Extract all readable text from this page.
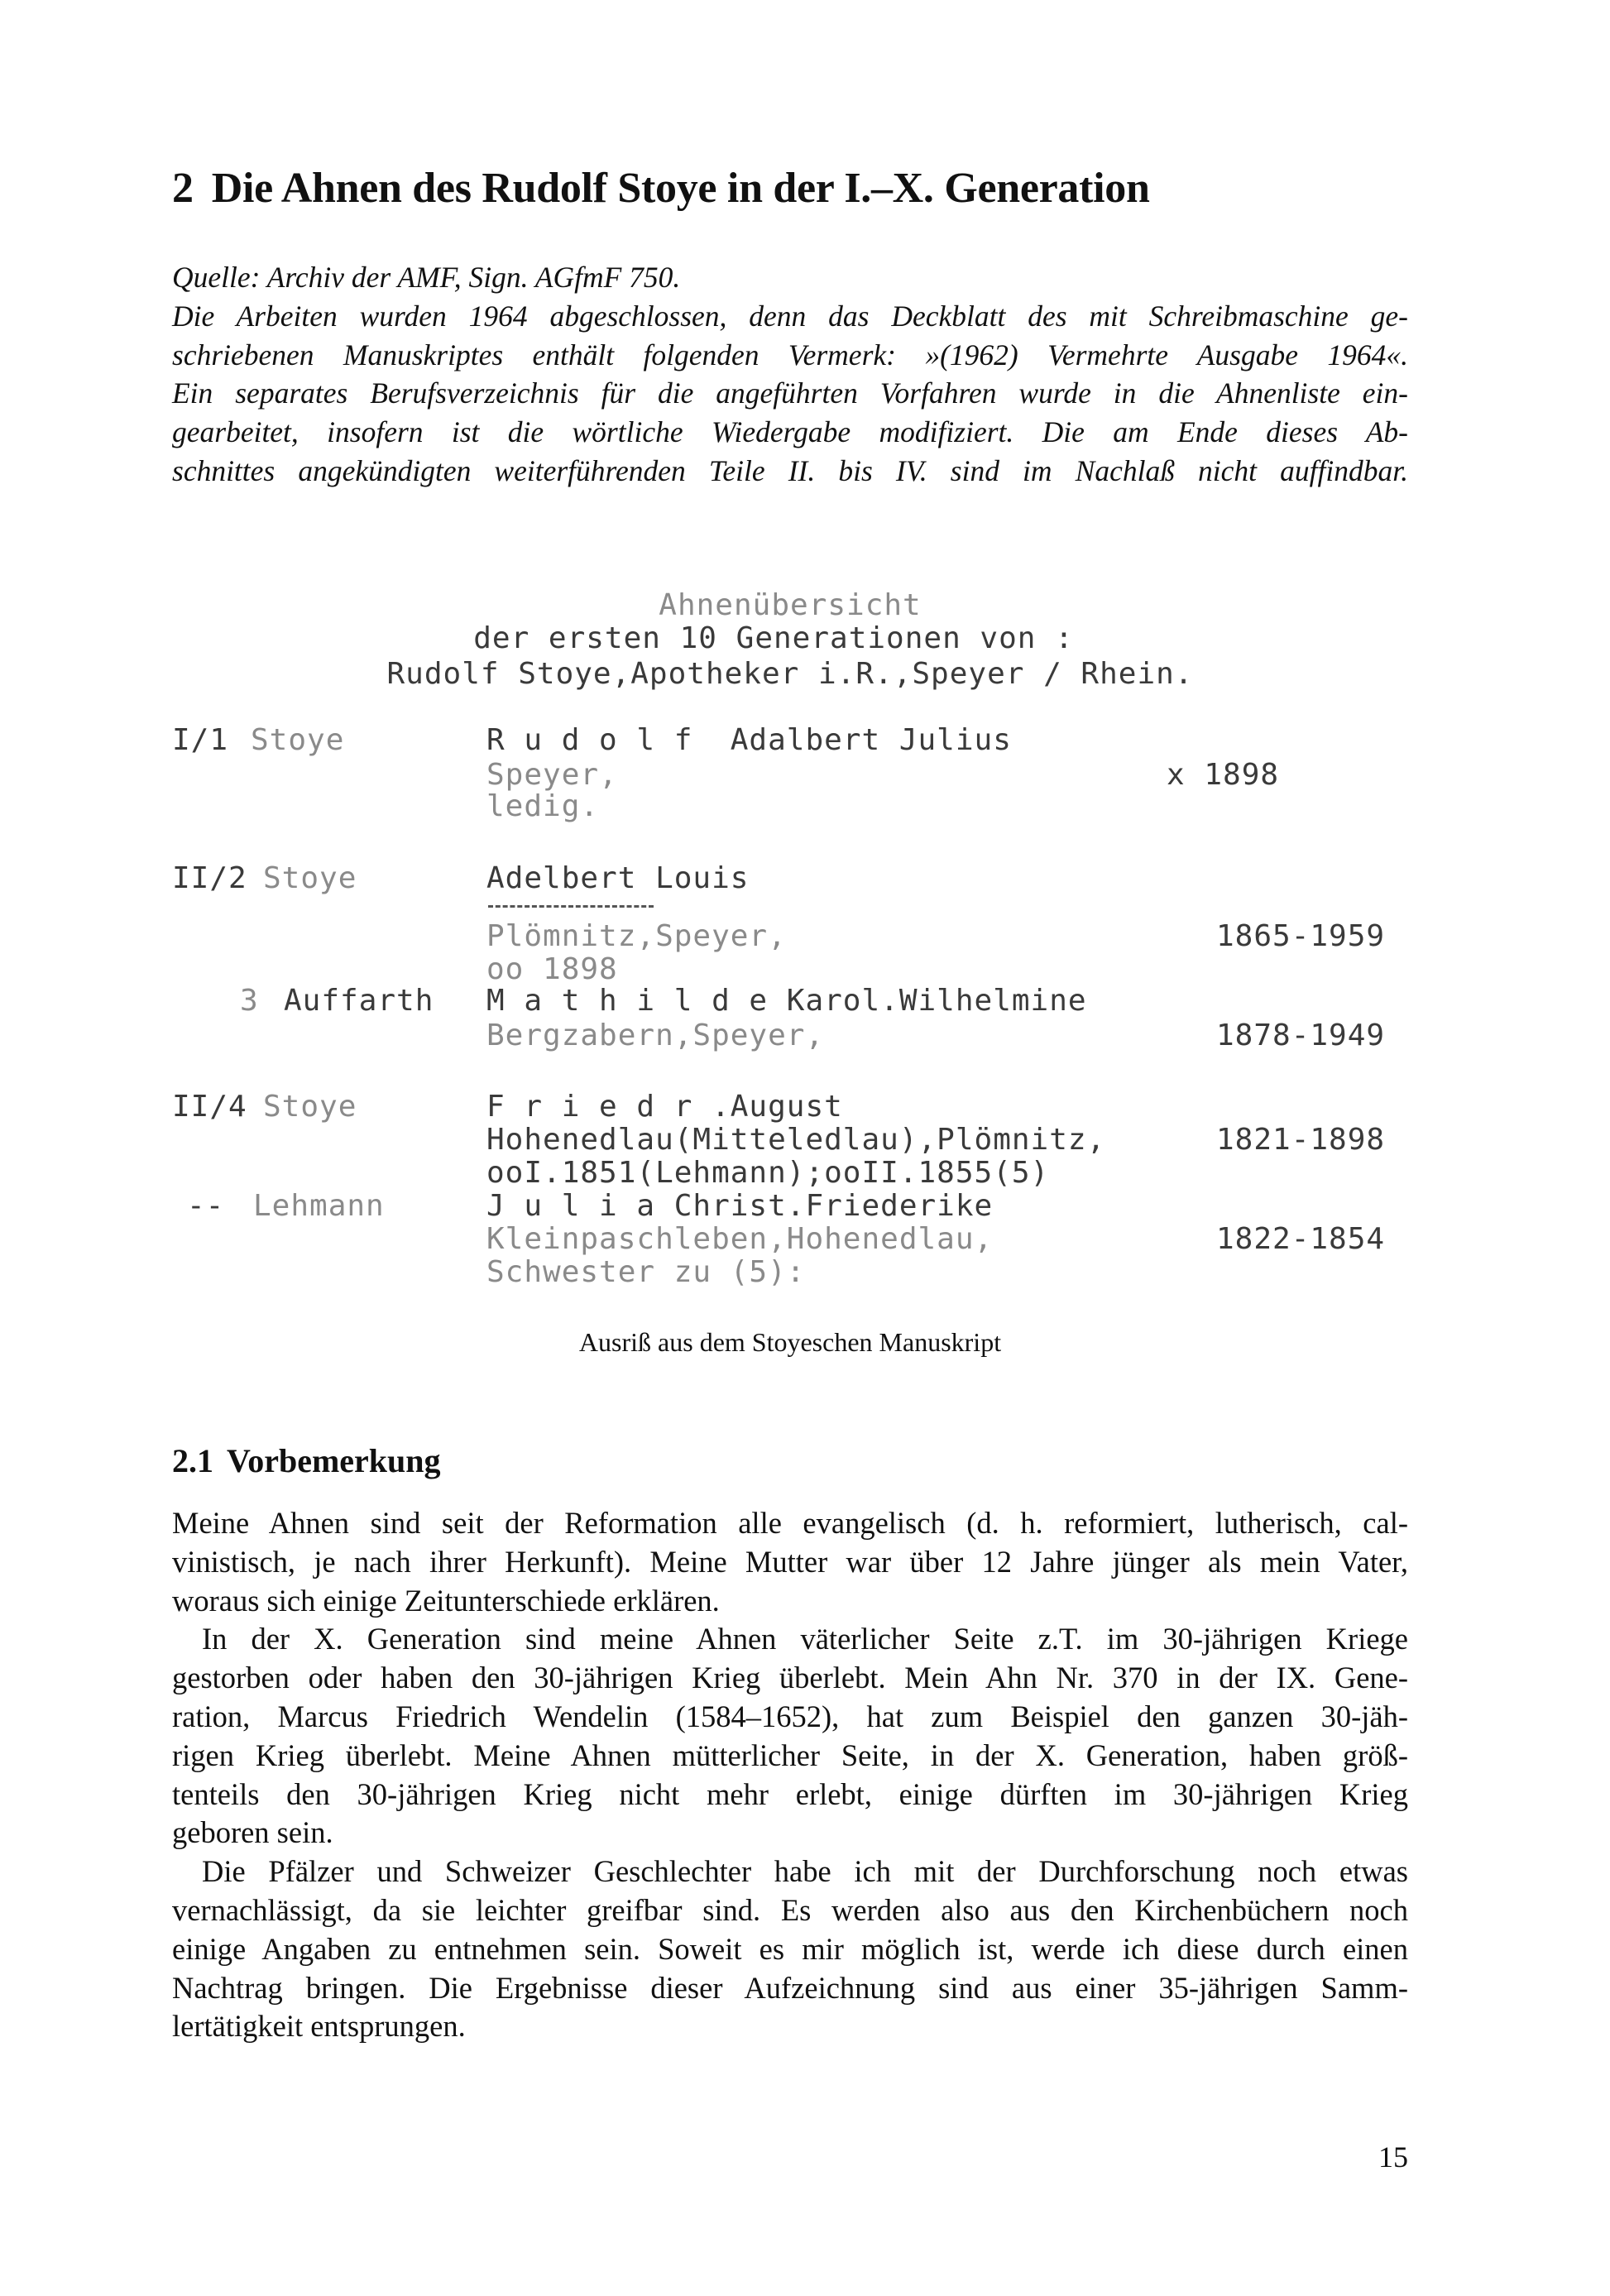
2 Die Ahnen des Rudolf Stoye in der I.–X. Generation
Quelle: Archiv der AMF, Sign. AGfmF 750.
Die Arbeiten wurden 1964 abgeschlossen, denn das Deckblatt des mit Schreibmaschine ge-
schriebenen Manuskriptes enthält folgenden Vermerk: »(1962) Vermehrte Ausgabe 1964«.
Ein separates Berufsverzeichnis für die angeführten Vorfahren wurde in die Ahnenliste ein-
gearbeitet, insofern ist die wörtliche Wiedergabe modifiziert. Die am Ende dieses Ab-
schnittes angekündigten weiterführenden Teile II. bis IV. sind im Nachlaß nicht auffindbar.
Ahnenübersicht
der ersten 10 Generationen von :
Rudolf Stoye,Apotheker i.R.,Speyer / Rhein.
I/1 Stoye	R u d o l f  Adalbert Julius
Speyer,	x 1898
ledig.
II/2 Stoye	Adelbert Louis
Plömnitz,Speyer,	1865-1959
oo 1898
3 Auffarth M a t h i l d e Karol.Wilhelmine
Bergzabern,Speyer,	1878-1949
II/4 Stoye	F r i e d r .August
Hohenedlau(Mitteledlau),Plömnitz,	1821-1898
ooI.1851(Lehmann);ooII.1855(5)
-- Lehmann	J u l i a Christ.Friederike
Kleinpaschleben,Hohenedlau,	1822-1854
Schwester zu (5):
Ausriß aus dem Stoyeschen Manuskript
2.1 Vorbemerkung
Meine Ahnen sind seit der Reformation alle evangelisch (d. h. reformiert, lutherisch, cal-
vinistisch, je nach ihrer Herkunft). Meine Mutter war über 12 Jahre jünger als mein Vater,
woraus sich einige Zeitunterschiede erklären.
In der X. Generation sind meine Ahnen väterlicher Seite z.T. im 30-jährigen Kriege
gestorben oder haben den 30-jährigen Krieg überlebt. Mein Ahn Nr. 370 in der IX. Gene-
ration, Marcus Friedrich Wendelin (1584–1652), hat zum Beispiel den ganzen 30-jäh-
rigen Krieg überlebt. Meine Ahnen mütterlicher Seite, in der X. Generation, haben größ-
tenteils den 30-jährigen Krieg nicht mehr erlebt, einige dürften im 30-jährigen Krieg
geboren sein.
Die Pfälzer und Schweizer Geschlechter habe ich mit der Durchforschung noch etwas
vernachlässigt, da sie leichter greifbar sind. Es werden also aus den Kirchenbüchern noch
einige Angaben zu entnehmen sein. Soweit es mir möglich ist, werde ich diese durch einen
Nachtrag bringen. Die Ergebnisse dieser Aufzeichnung sind aus einer 35-jährigen Samm-
lertätigkeit entsprungen.
15
